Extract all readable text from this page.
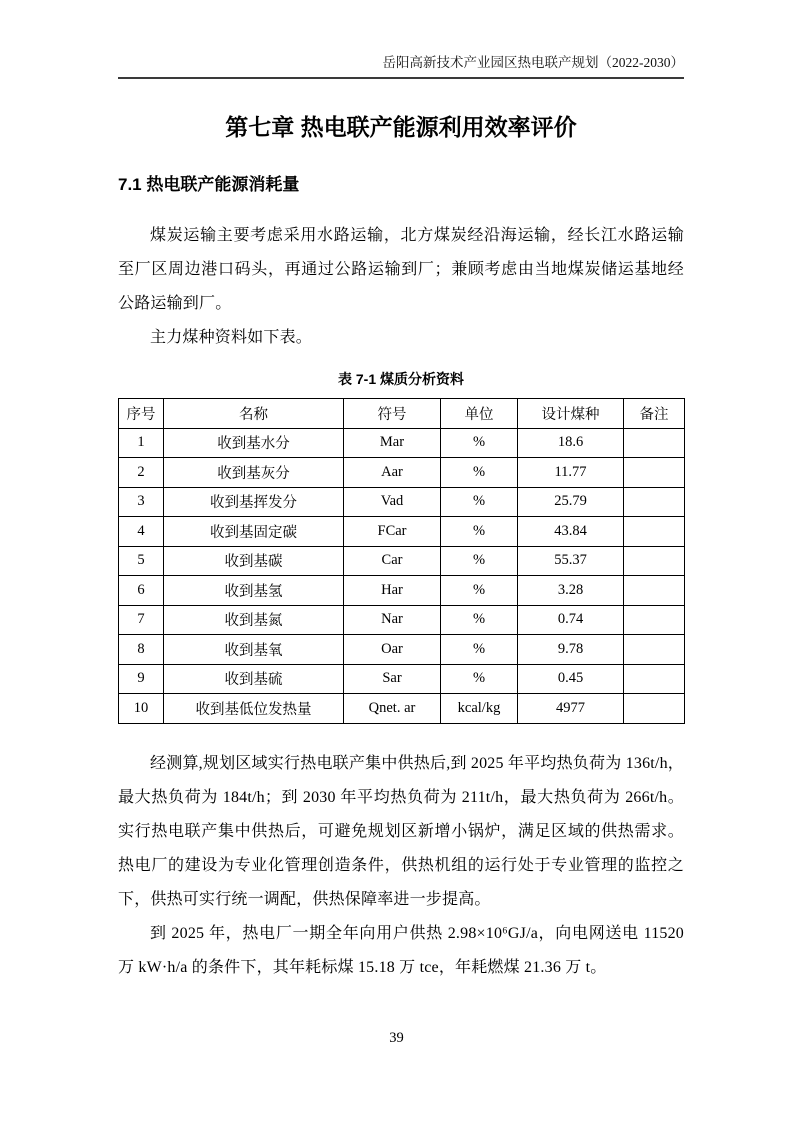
岳阳高新技术产业园区热电联产规划（2022-2030）
第七章 热电联产能源利用效率评价
7.1 热电联产能源消耗量

煤炭运输主要考虑采用水路运输，北方煤炭经沿海运输，经长江水路运输至厂区周边港口码头，再通过公路运输到厂；兼顾考虑由当地煤炭储运基地经公路运输到厂。

主力煤种资料如下表。

表 7-1 煤质分析资料
序号	名称	符号	单位	设计煤种	备注
1	收到基水分	Mar	%	18.6	
2	收到基灰分	Aar	%	11.77	
3	收到基挥发分	Vad	%	25.79	
4	收到基固定碳	FCar	%	43.84	
5	收到基碳	Car	%	55.37	
6	收到基氢	Har	%	3.28	
7	收到基氮	Nar	%	0.74	
8	收到基氧	Oar	%	9.78	
9	收到基硫	Sar	%	0.45	
10	收到基低位发热量	Qnet. ar	kcal/kg	4977	

经测算,规划区域实行热电联产集中供热后,到 2025 年平均热负荷为 136t/h，最大热负荷为 184t/h；到 2030 年平均热负荷为 211t/h，最大热负荷为 266t/h。实行热电联产集中供热后，可避免规划区新增小锅炉，满足区域的供热需求。热电厂的建设为专业化管理创造条件，供热机组的运行处于专业管理的监控之下，供热可实行统一调配，供热保障率进一步提高。

到 2025 年，热电厂一期全年向用户供热 2.98×10⁶GJ/a，向电网送电 11520 万 kW·h/a 的条件下，其年耗标煤 15.18 万 tce，年耗燃煤 21.36 万 t。

39
